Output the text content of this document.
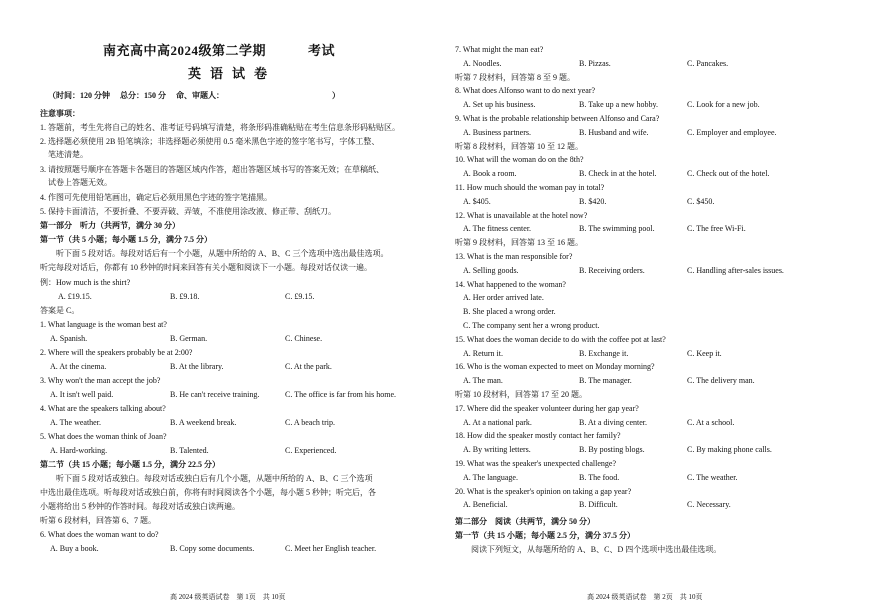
南充高中高2024级第二学期	考试
英语试卷
（时间：120 分钟　 总分：150 分　 命、审题人：　　　　　　　　　　　　　　）
注意事项：
1. 答题前，考生先将自己的姓名、准考证号码填写清楚，将条形码准确粘贴在考生信息条形码粘贴区。
2. 选择题必须使用 2B 铅笔填涂；非选择题必须使用 0.5 毫米黑色字迹的签字笔书写，字体工整、
　笔迹清楚。
3. 请按照题号顺序在答题卡各题目的答题区域内作答，超出答题区域书写的答案无效；在草稿纸、
　试卷上答题无效。
4. 作图可先使用铅笔画出，确定后必须用黑色字迹的签字笔描黑。
5. 保持卡面清洁，不要折叠、不要弄破、弄皱，不准使用涂改液、修正带、刮纸刀。
第一部分　听力（共两节，满分 30 分）
第一节（共 5 小题；每小题 1.5 分，满分 7.5 分）
　　听下面 5 段对话。每段对话后有一个小题，从题中所给的 A、B、C 三个选项中选出最佳选项。
听完每段对话后，你都有 10 秒钟的时间来回答有关小题和阅读下一小题。每段对话仅读一遍。
例：How much is the shirt?
A. £19.15.	B. £9.18.	C. £9.15.
答案是 C。
1. What language is the woman best at?
A. Spanish.	B. German.	C. Chinese.
2. Where will the speakers probably be at 2:00?
A. At the cinema.	B. At the library.	C. At the park.
3. Why won't the man accept the job?
A. It isn't well paid.	B. He can't receive training.	C. The office is far from his home.
4. What are the speakers talking about?
A. The weather.	B. A weekend break.	C. A beach trip.
5. What does the woman think of Joan?
A. Hard-working.	B. Talented.	C. Experienced.
第二节（共 15 小题；每小题 1.5 分，满分 22.5 分）
　　听下面 5 段对话或独白。每段对话或独白后有几个小题，从题中所给的 A、B、C 三个选项
中选出最佳选项。听每段对话或独白前，你将有时间阅读各个小题，每小题 5 秒钟；听完后，各
小题将给出 5 秒钟的作答时间。每段对话或独白读两遍。
听第 6 段材料，回答第 6、7 题。
6. What does the woman want to do?
A. Buy a book.	B. Copy some documents.	C. Meet her English teacher.
高 2024 级英语试卷　第 1页　共 10页
7. What might the man eat?
A. Noodles.	B. Pizzas.	C. Pancakes.
听第 7 段材料，回答第 8 至 9 题。
8. What does Alfonso want to do next year?
A. Set up his business.	B. Take up a new hobby.	C. Look for a new job.
9. What is the probable relationship between Alfonso and Cara?
A. Business partners.	B. Husband and wife.	C. Employer and employee.
听第 8 段材料，回答第 10 至 12 题。
10. What will the woman do on the 8th?
A. Book a room.	B. Check in at the hotel.	C. Check out of the hotel.
11. How much should the woman pay in total?
A. $405.	B. $420.	C. $450.
12. What is unavailable at the hotel now?
A. The fitness center.	B. The swimming pool.	C. The free Wi-Fi.
听第 9 段材料，回答第 13 至 16 题。
13. What is the man responsible for?
A. Selling goods.	B. Receiving orders.	C. Handling after-sales issues.
14. What happened to the woman?
A. Her order arrived late.
B. She placed a wrong order.
C. The company sent her a wrong product.
15. What does the woman decide to do with the coffee pot at last?
A. Return it.	B. Exchange it.	C. Keep it.
16. Who is the woman expected to meet on Monday morning?
A. The man.	B. The manager.	C. The delivery man.
听第 10 段材料，回答第 17 至 20 题。
17. Where did the speaker volunteer during her gap year?
A. At a national park.	B. At a diving center.	C. At a school.
18. How did the speaker mostly contact her family?
A. By writing letters.	B. By posting blogs.	C. By making phone calls.
19. What was the speaker's unexpected challenge?
A. The language.	B. The food.	C. The weather.
20. What is the speaker's opinion on taking a gap year?
A. Beneficial.	B. Difficult.	C. Necessary.
第二部分　阅读（共两节，满分 50 分）
第一节（共 15 小题；每小题 2.5 分，满分 37.5 分）
　　阅读下列短文，从每题所给的 A、B、C、D 四个选项中选出最佳选项。
高 2024 级英语试卷　第 2页　共 10页
